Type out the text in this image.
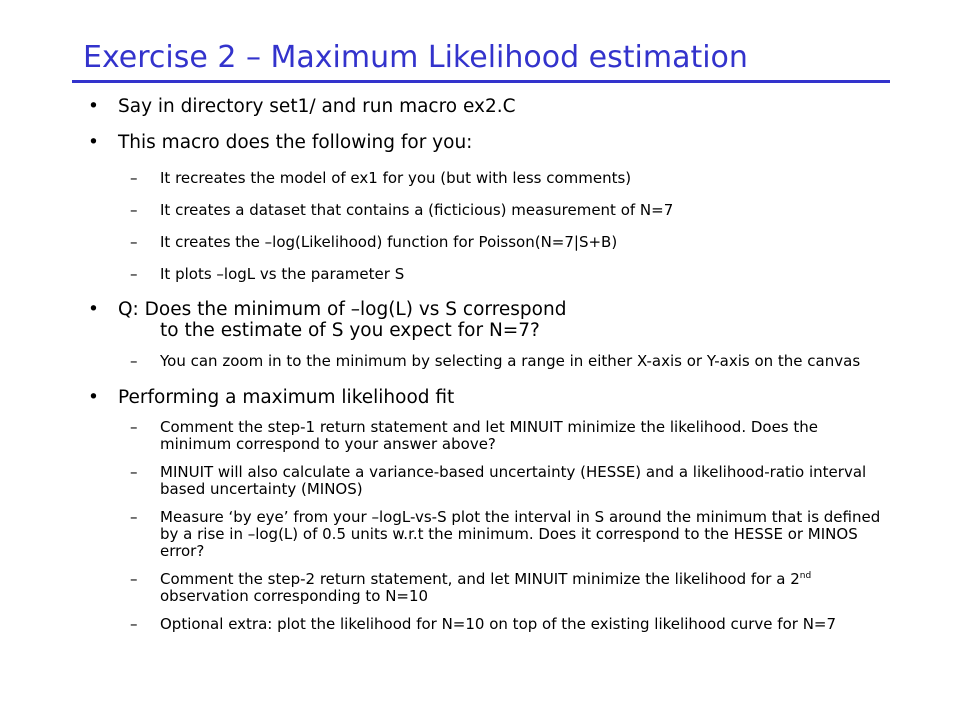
Exercise 2 – Maximum Likelihood estimation
• Say in directory set1/ and run macro ex2.C
• This macro does the following for you:
– It recreates the model of ex1 for you (but with less comments)
– It creates a dataset that contains a (ficticious) measurement of N=7
– It creates the –log(Likelihood) function for Poisson(N=7|S+B)
– It plots –logL vs the parameter S
• Q: Does the minimum of –log(L) vs S correspond
to the estimate of S you expect for N=7?
– You can zoom in to the minimum by selecting a range in either X-axis or Y-axis on the canvas
• Performing a maximum likelihood fit
– Comment the step-1 return statement and let MINUIT minimize the likelihood. Does the minimum correspond to your answer above?
– MINUIT will also calculate a variance-based uncertainty (HESSE) and a likelihood-ratio interval based uncertainty (MINOS)
– Measure ‘by eye’ from your –logL-vs-S plot the interval in S around the minimum that is defined by a rise in –log(L) of 0.5 units w.r.t the minimum. Does it correspond to the HESSE or MINOS error?
– Comment the step-2 return statement, and let MINUIT minimize the likelihood for a 2nd observation corresponding to N=10
– Optional extra: plot the likelihood for N=10 on top of the existing likelihood curve for N=7
